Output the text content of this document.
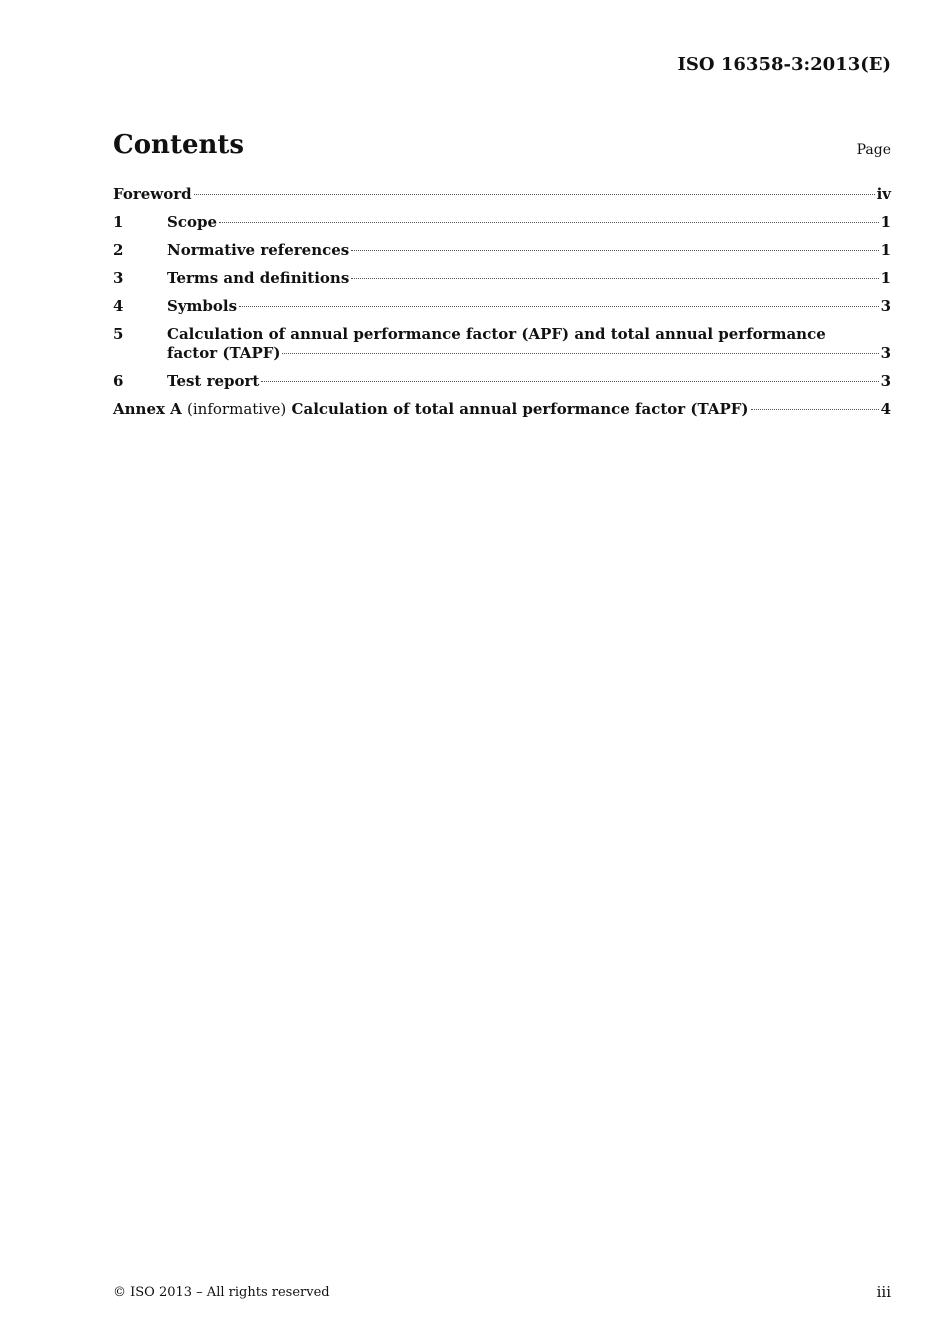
ISO 16358-3:2013(E)
Contents	Page
Foreword	iv
1	Scope	1
2	Normative references	1
3	Terms and definitions	1
4	Symbols	3
5	Calculation of annual performance factor (APF) and total annual performance
factor (TAPF)	3
6	Test report	3
Annex A (informative) Calculation of total annual performance factor (TAPF)	4
© ISO 2013 – All rights reserved	iii
